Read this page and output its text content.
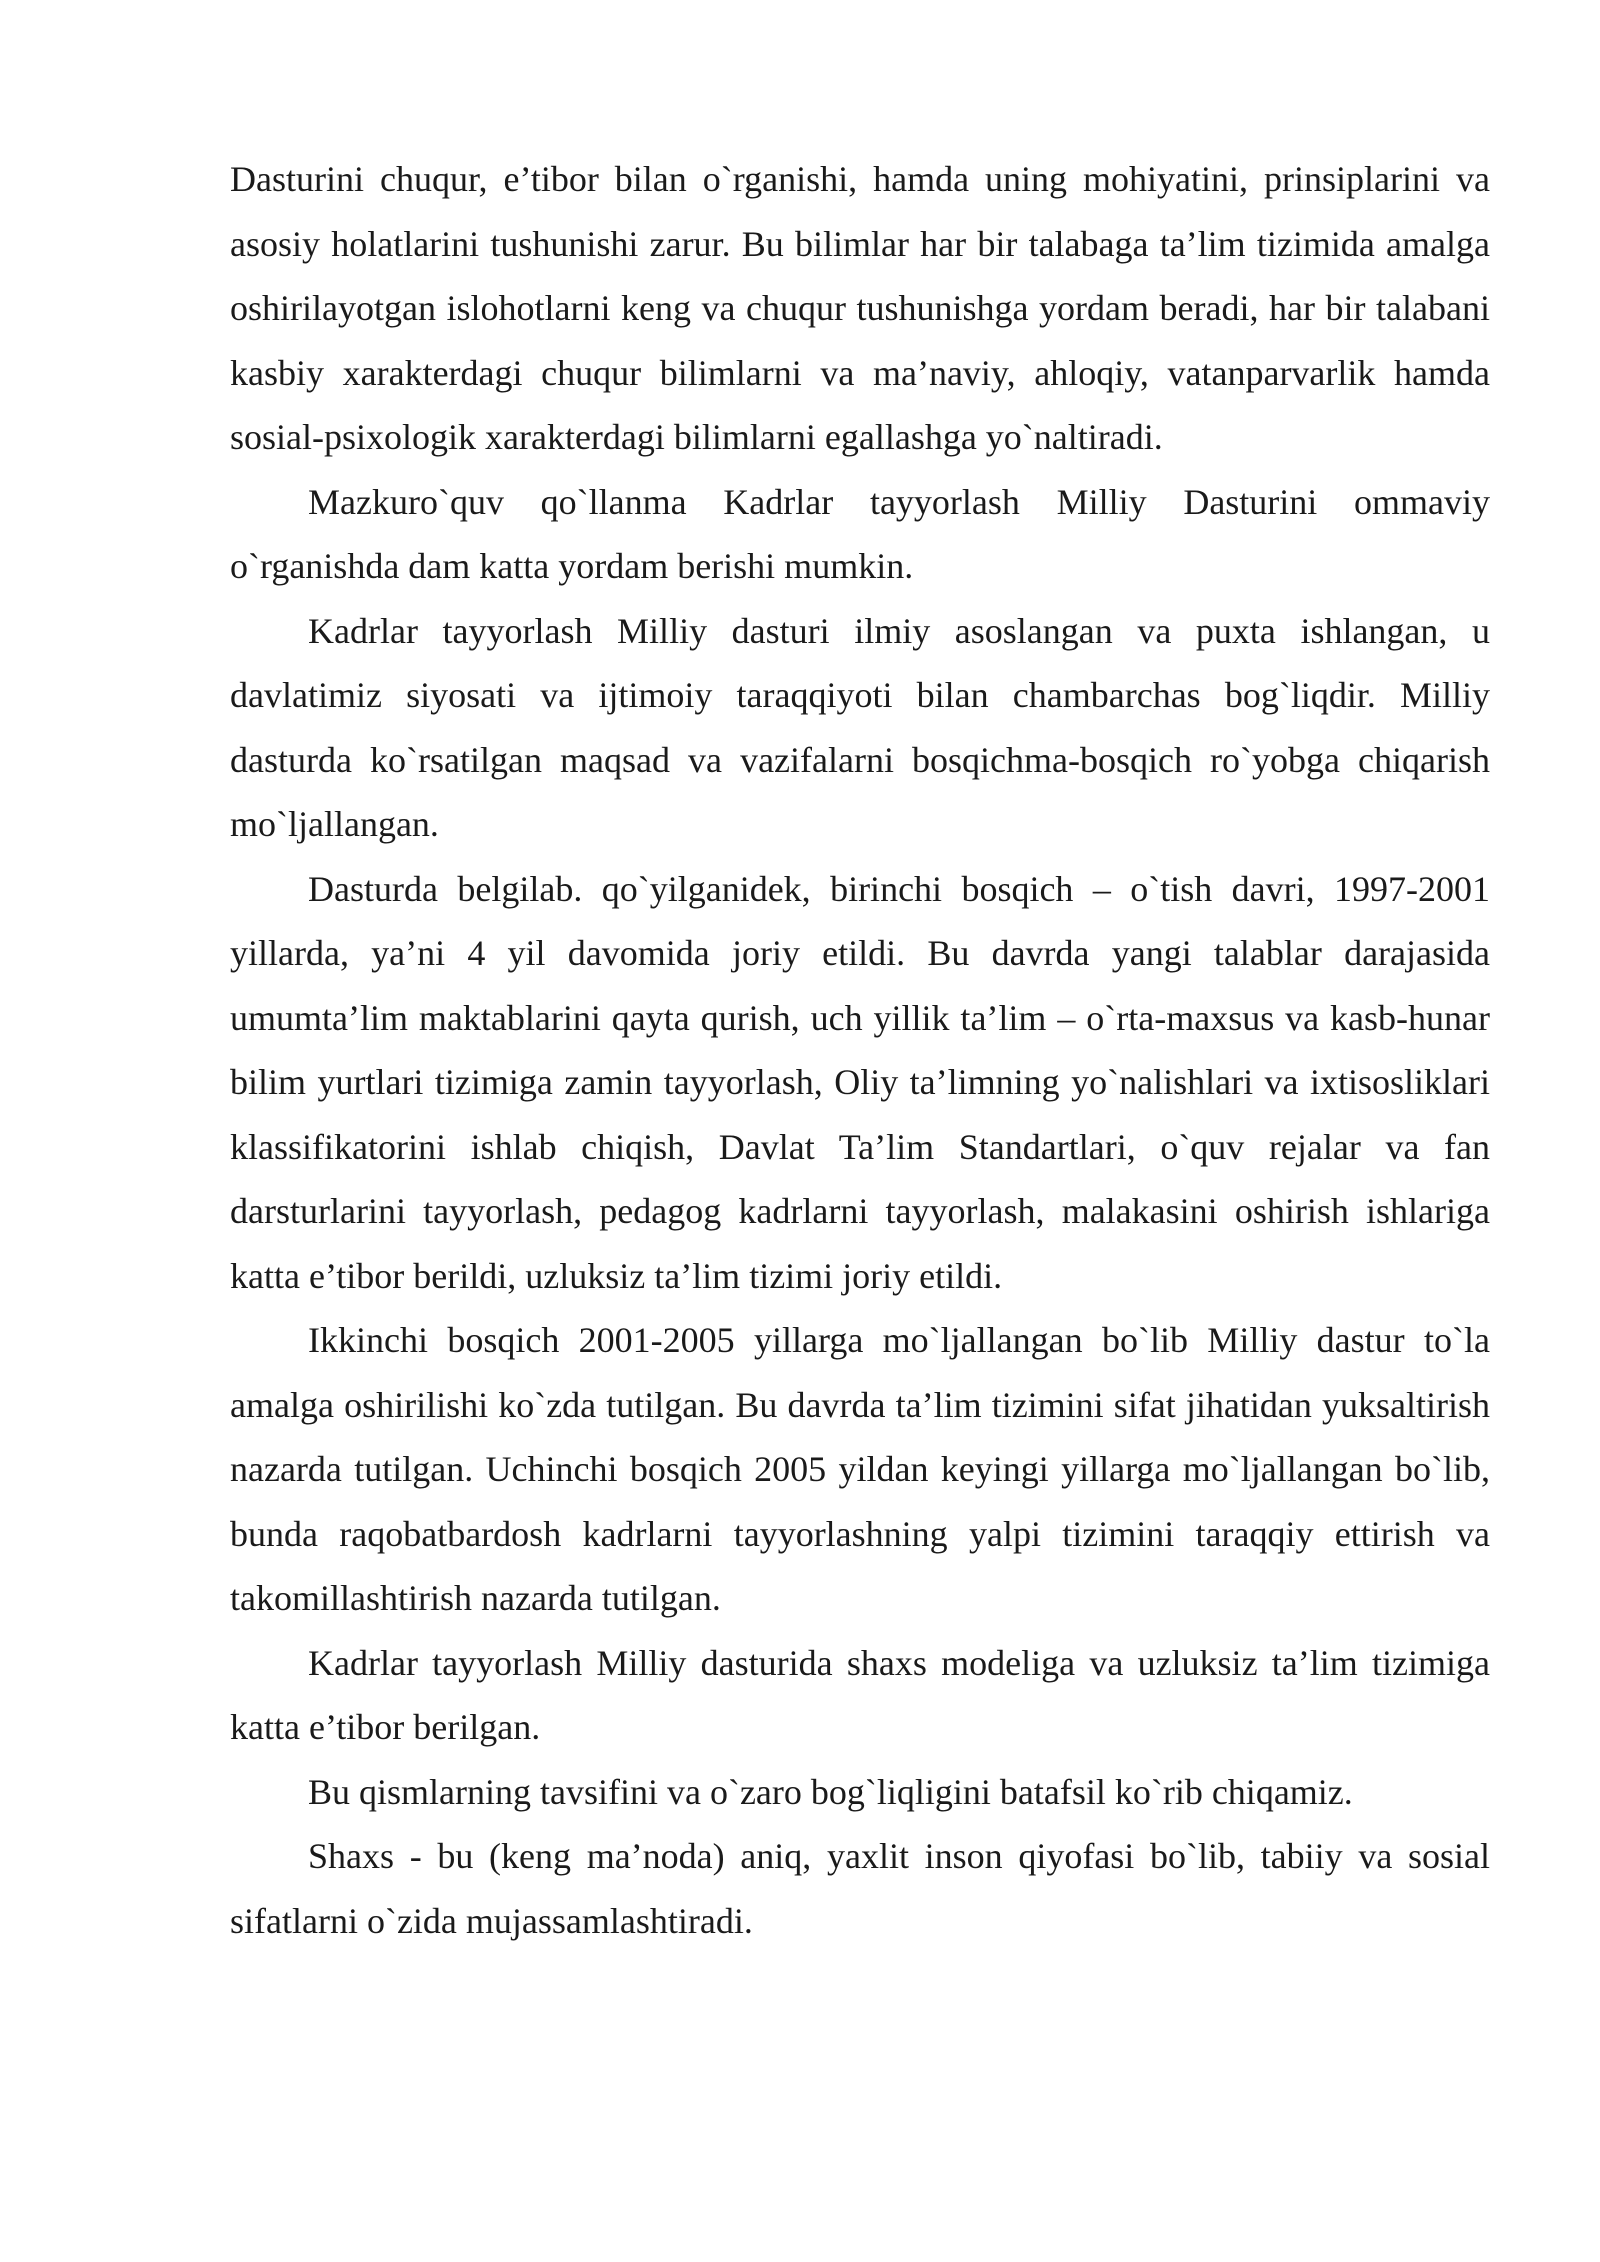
Dasturini chuqur, e’tibor bilan o`rganishi, hamda uning mohiyatini, prinsiplarini va asosiy holatlarini tushunishi zarur. Bu bilimlar har bir talabaga ta’lim tizimida amalga oshirilayotgan islohotlarni keng va chuqur tushunishga yordam beradi, har bir talabani kasbiy xarakterdagi chuqur bilimlarni va ma’naviy, ahloqiy, vatanparvarlik hamda sosial-psixologik xarakterdagi bilimlarni egallashga yo`naltiradi.

Mazkuro`quv qo`llanma Kadrlar tayyorlash Milliy Dasturini ommaviy o`rganishda dam katta yordam berishi mumkin.

Kadrlar tayyorlash Milliy dasturi ilmiy asoslangan va puxta ishlangan, u davlatimiz siyosati va ijtimoiy taraqqiyoti bilan chambarchas bog`liqdir. Milliy dasturda ko`rsatilgan maqsad va vazifalarni bosqichma-bosqich ro`yobga chiqarish mo`ljallangan.

Dasturda belgilab. qo`yilganidek, birinchi bosqich – o`tish davri, 1997-2001 yillarda, ya’ni 4 yil davomida joriy etildi. Bu davrda yangi talablar darajasida umumta’lim maktablarini qayta qurish, uch yillik ta’lim – o`rta-maxsus va kasb-hunar bilim yurtlari tizimiga zamin tayyorlash, Oliy ta’limning yo`nalishlari va ixtisosliklari klassifikatorini ishlab chiqish, Davlat Ta’lim Standartlari, o`quv rejalar va fan darsturlarini tayyorlash, pedagog kadrlarni tayyorlash, malakasini oshirish ishlariga katta e’tibor berildi, uzluksiz ta’lim tizimi joriy etildi.

Ikkinchi bosqich 2001-2005 yillarga mo`ljallangan bo`lib Milliy dastur to`la amalga oshirilishi ko`zda tutilgan. Bu davrda ta’lim tizimini sifat jihatidan yuksaltirish nazarda tutilgan. Uchinchi bosqich 2005 yildan keyingi yillarga mo`ljallangan bo`lib, bunda raqobatbardosh kadrlarni tayyorlashning yalpi tizimini taraqqiy ettirish va takomillashtirish nazarda tutilgan.

Kadrlar tayyorlash Milliy dasturida shaxs modeliga va uzluksiz ta’lim tizimiga katta e’tibor berilgan.

Bu qismlarning tavsifini va o`zaro bog`liqligini batafsil ko`rib chiqamiz.

Shaxs - bu (keng ma’noda) aniq, yaxlit inson qiyofasi bo`lib, tabiiy va sosial sifatlarni o`zida mujassamlashtiradi.
